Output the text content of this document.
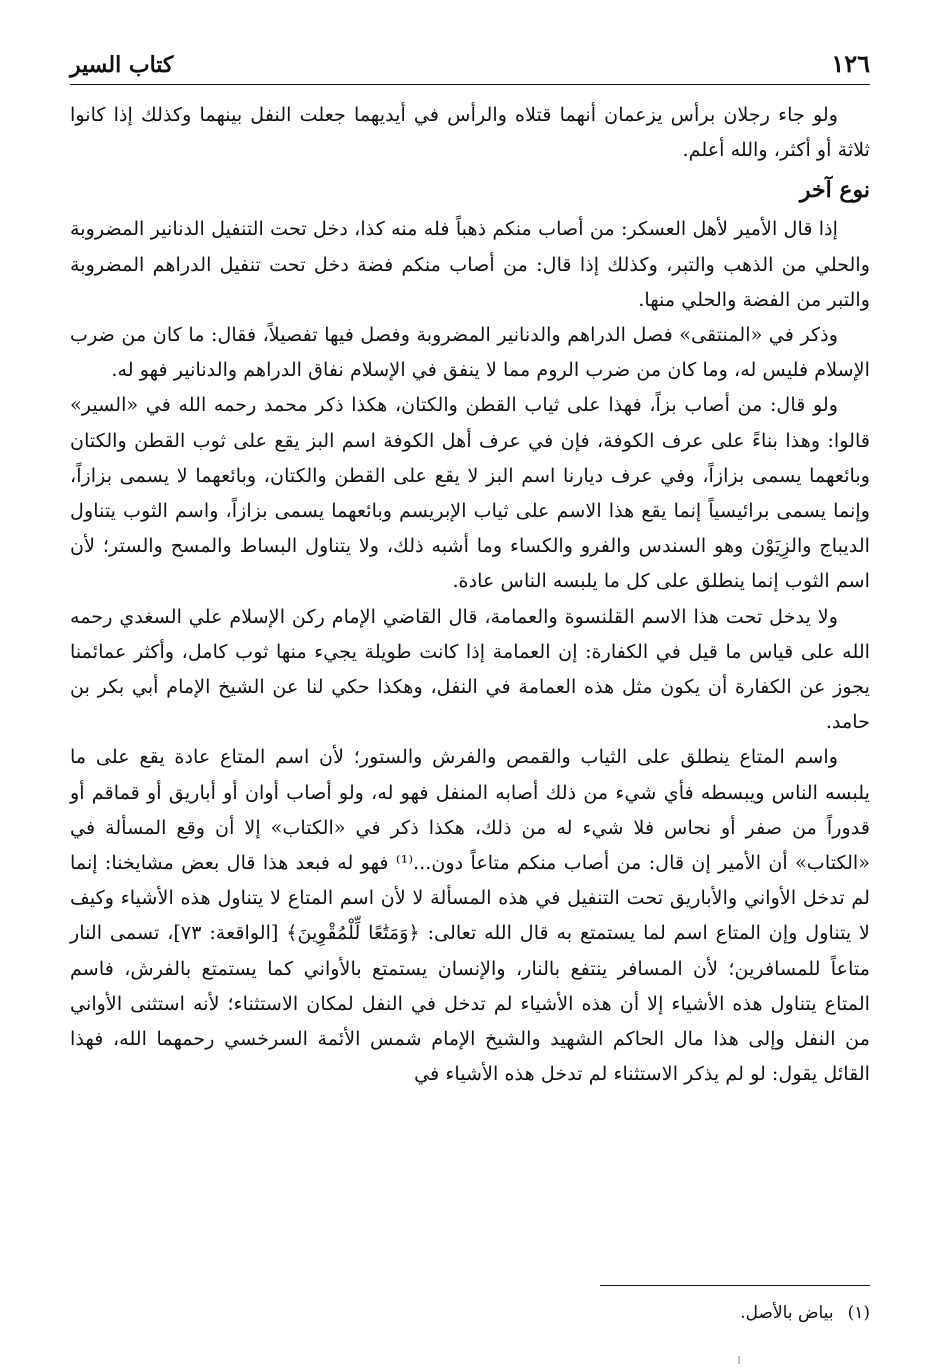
١٢٦
كتاب السير

ولو جاء رجلان برأس يزعمان أنهما قتلاه والرأس في أيديهما جعلت النفل بينهما وكذلك إذا كانوا ثلاثة أو أكثر، والله أعلم.

نوع آخر

إذا قال الأمير لأهل العسكر: من أصاب منكم ذهباً فله منه كذا، دخل تحت التنفيل الدنانير المضروبة والحلي من الذهب والتبر، وكذلك إذا قال: من أصاب منكم فضة دخل تحت تنفيل الدراهم المضروبة والتبر من الفضة والحلي منها.

وذكر في «المنتقى» فصل الدراهم والدنانير المضروبة وفصل فيها تفصيلاً، فقال: ما كان من ضرب الإسلام فليس له، وما كان من ضرب الروم مما لا ينفق في الإسلام نفاق الدراهم والدنانير فهو له.

ولو قال: من أصاب بزاً، فهذا على ثياب القطن والكتان، هكذا ذكر محمد رحمه الله في «السير» قالوا: وهذا بناءً على عرف الكوفة، فإن في عرف أهل الكوفة اسم البز يقع على ثوب القطن والكتان وبائعهما يسمى بزازاً، وفي عرف ديارنا اسم البز لا يقع على القطن والكتان، وبائعهما لا يسمى بزازاً، وإنما يسمى برائيسياً إنما يقع هذا الاسم على ثياب الإبريسم وبائعهما يسمى بزازاً، واسم الثوب يتناول الديباج والزِيَوْن وهو السندس والفرو والكساء وما أشبه ذلك، ولا يتناول البساط والمسح والستر؛ لأن اسم الثوب إنما ينطلق على كل ما يلبسه الناس عادة.

ولا يدخل تحت هذا الاسم القلنسوة والعمامة، قال القاضي الإمام ركن الإسلام علي السغدي رحمه الله على قياس ما قيل في الكفارة: إن العمامة إذا كانت طويلة يجيء منها ثوب كامل، وأكثر عمائمنا يجوز عن الكفارة أن يكون مثل هذه العمامة في النفل، وهكذا حكي لنا عن الشيخ الإمام أبي بكر بن حامد.

واسم المتاع ينطلق على الثياب والقمص والفرش والستور؛ لأن اسم المتاع عادة يقع على ما يلبسه الناس ويبسطه فأي شيء من ذلك أصابه المنفل فهو له، ولو أصاب أوان أو أباريق أو قماقم أو قدوراً من صفر أو نحاس فلا شيء له من ذلك، هكذا ذكر في «الكتاب» إلا أن وقع المسألة في «الكتاب» أن الأمير إن قال: من أصاب منكم متاعاً دون...⁽¹⁾ فهو له فبعد هذا قال بعض مشايخنا: إنما لم تدخل الأواني والأباريق تحت التنفيل في هذه المسألة لا لأن اسم المتاع لا يتناول هذه الأشياء وكيف لا يتناول وإن المتاع اسم لما يستمتع به قال الله تعالى: ﴿وَمَتَٰعًا لِّلْمُقْوِينَ﴾ [الواقعة: ٧٣]، تسمى النار متاعاً للمسافرين؛ لأن المسافر ينتفع بالنار، والإنسان يستمتع بالأواني كما يستمتع بالفرش، فاسم المتاع يتناول هذه الأشياء إلا أن هذه الأشياء لم تدخل في النفل لمكان الاستثناء؛ لأنه استثنى الأواني من النفل وإلى هذا مال الحاكم الشهيد والشيخ الإمام شمس الأئمة السرخسي رحمهما الله، فهذا القائل يقول: لو لم يذكر الاستثناء لم تدخل هذه الأشياء في

(١)
بياض بالأصل.
